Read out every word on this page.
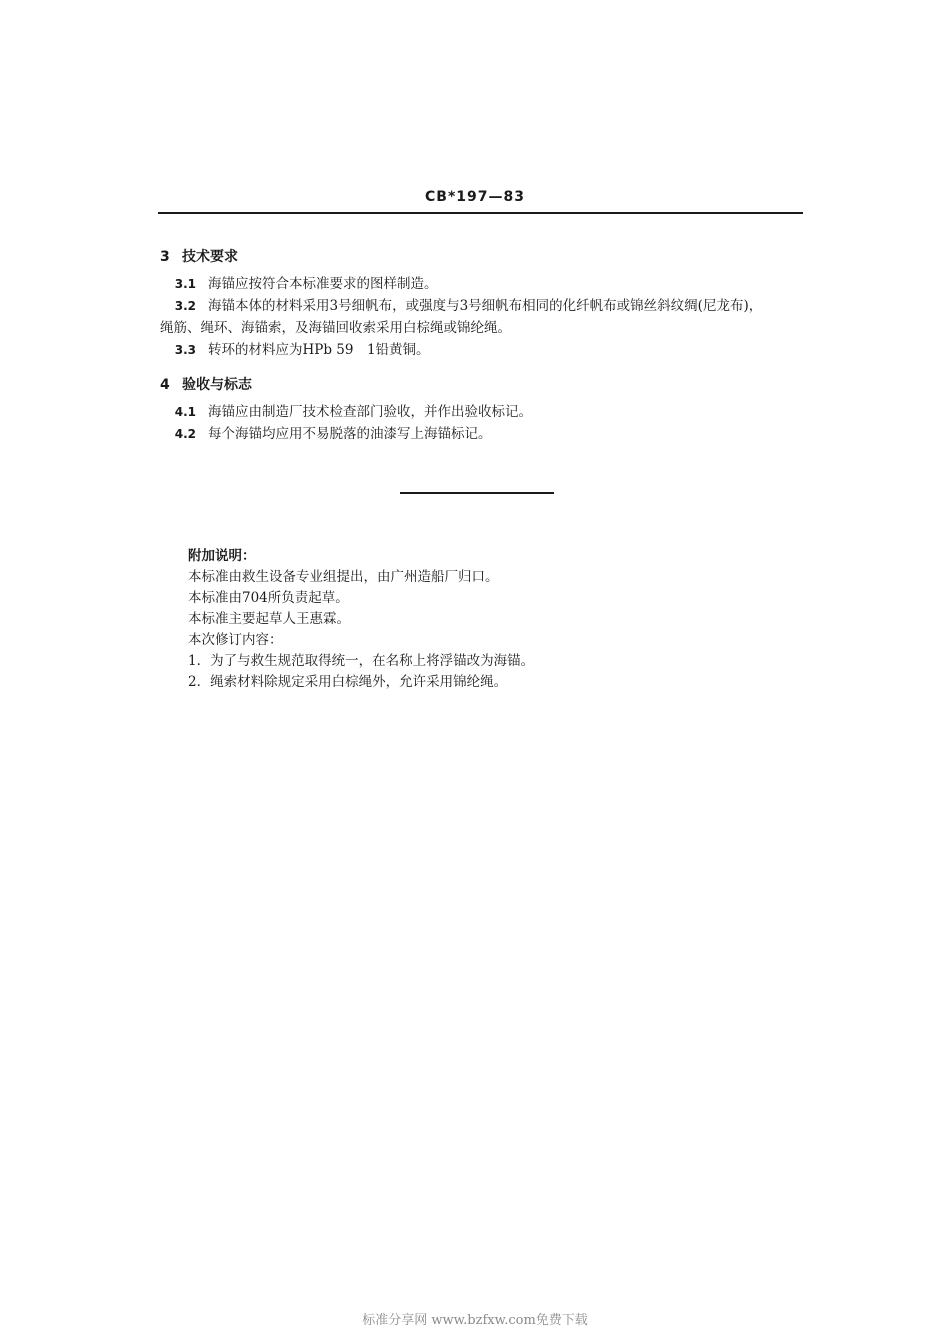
CB*197—83
3 技术要求
3.1 海锚应按符合本标准要求的图样制造。
3.2 海锚本体的材料采用3号细帆布，或强度与3号细帆布相同的化纤帆布或锦丝斜纹绸(尼龙布)，
绳筋、绳环、海锚索，及海锚回收索采用白棕绳或锦纶绳。
3.3 转环的材料应为HPb 59　1铅黄铜。
4 验收与标志
4.1 海锚应由制造厂技术检查部门验收，并作出验收标记。
4.2 每个海锚均应用不易脱落的油漆写上海锚标记。
附加说明：
本标准由救生设备专业组提出，由广州造船厂归口。
本标准由704所负责起草。
本标准主要起草人王惠霖。
本次修订内容：
1．为了与救生规范取得统一，在名称上将浮锚改为海锚。
2．绳索材料除规定采用白棕绳外，允许采用锦纶绳。
标准分享网 www.bzfxw.com免费下载
